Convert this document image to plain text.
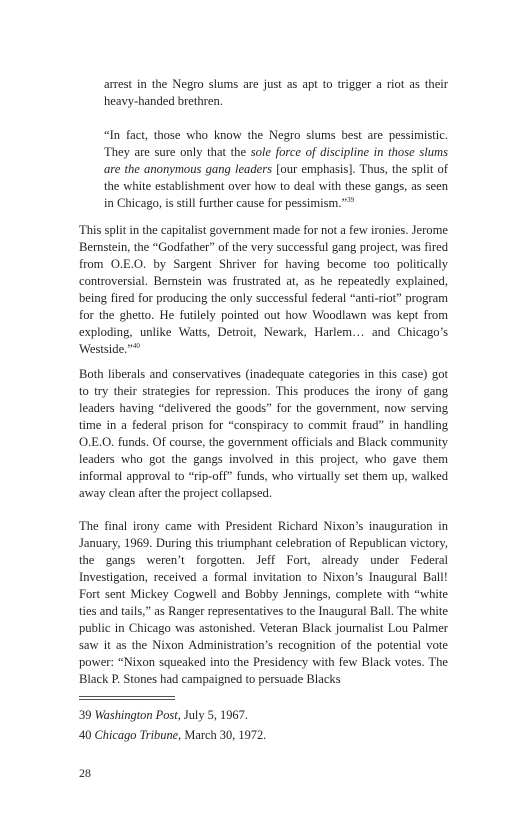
arrest in the Negro slums are just as apt to trigger a riot as their heavy-handed brethren.

“In fact, those who know the Negro slums best are pessimistic. They are sure only that the sole force of discipline in those slums are the anonymous gang leaders [our emphasis]. Thus, the split of the white establishment over how to deal with these gangs, as seen in Chicago, is still further cause for pessimism.”$^{39}$

This split in the capitalist government made for not a few ironies. Jerome Bernstein, the “Godfather” of the very successful gang project, was fired from O.E.O. by Sargent Shriver for having become too politically controversial. Bernstein was frustrated at, as he repeatedly explained, being fired for producing the only successful federal “anti-riot” program for the ghetto. He futilely pointed out how Woodlawn was kept from exploding, unlike Watts, Detroit, Newark, Harlem… and Chicago’s Westside.”$^{40}$

Both liberals and conservatives (inadequate categories in this case) got to try their strategies for repression. This produces the irony of gang leaders having “delivered the goods” for the government, now serving time in a federal prison for “conspiracy to commit fraud” in handling O.E.O. funds. Of course, the government officials and Black community leaders who got the gangs involved in this project, who gave them informal approval to “rip-off” funds, who virtually set them up, walked away clean after the project collapsed.

The final irony came with President Richard Nixon’s inauguration in January, 1969. During this triumphant celebration of Republican victory, the gangs weren’t forgotten. Jeff Fort, already under Federal Investigation, received a formal invitation to Nixon’s Inaugural Ball! Fort sent Mickey Cogwell and Bobby Jennings, complete with “white ties and tails,” as Ranger representatives to the Inaugural Ball. The white public in Chicago was astonished. Veteran Black journalist Lou Palmer saw it as the Nixon Administration’s recognition of the potential vote power: “Nixon squeaked into the Presidency with few Black votes. The Black P. Stones had campaigned to persuade Blacks

39 Washington Post, July 5, 1967.

40 Chicago Tribune, March 30, 1972.

28
